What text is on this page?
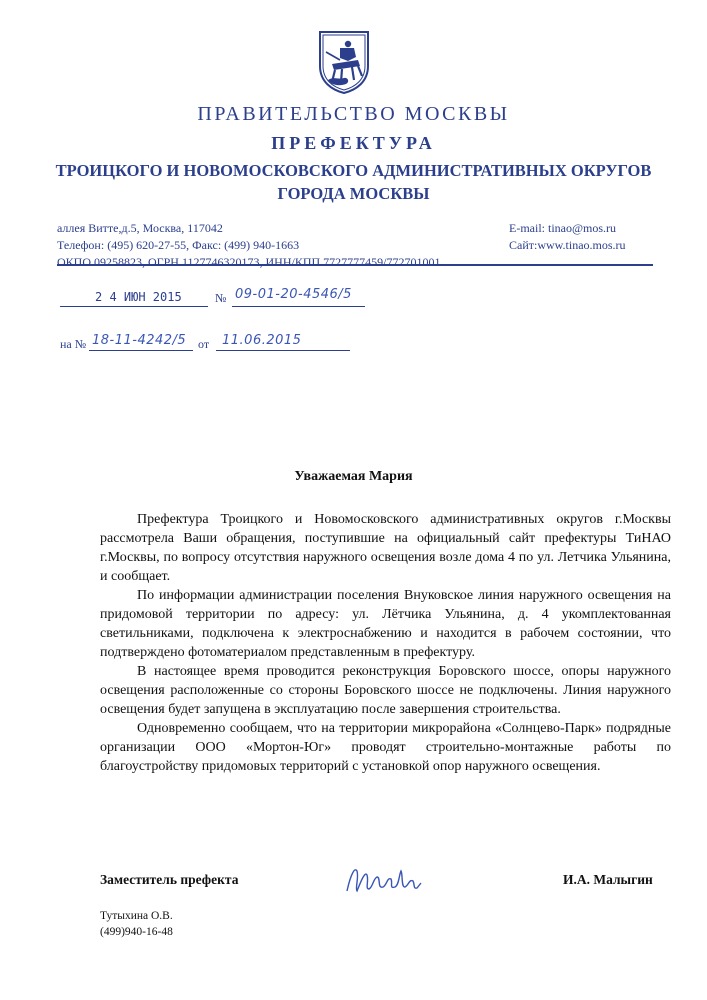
ПРАВИТЕЛЬСТВО МОСКВЫ
ПРЕФЕКТУРА
ТРОИЦКОГО И НОВОМОСКОВСКОГО АДМИНИСТРАТИВНЫХ ОКРУГОВ
ГОРОДА МОСКВЫ
аллея Витте,д.5, Москва, 117042
Телефон: (495) 620-27-55, Факс: (499) 940-1663
ОКПО 09258823, ОГРН 1127746320173, ИНН/КПП 7727777459/772701001
E-mail: tinao@mos.ru
Сайт:www.tinao.mos.ru
2 4 ИЮН 2015	№ 09-01-20-4546/5
на № 18-11-4242/5 от 11.06.2015
Уважаемая Мария

Префектура Троицкого и Новомосковского административных округов г.Москвы рассмотрела Ваши обращения, поступившие на официальный сайт префектуры ТиНАО г.Москвы, по вопросу отсутствия наружного освещения возле дома 4 по ул. Летчика Ульянина, и сообщает.

По информации администрации поселения Внуковское линия наружного освещения на придомовой территории по адресу: ул. Лётчика Ульянина, д. 4 укомплектованная светильниками, подключена к электроснабжению и находится в рабочем состоянии, что подтверждено фотоматериалом представленным в префектуру.

В настоящее время проводится реконструкция Боровского шоссе, опоры наружного освещения расположенные со стороны Боровского шоссе не подключены. Линия наружного освещения будет запущена в эксплуатацию после завершения строительства.

Одновременно сообщаем, что на территории микрорайона «Солнцево-Парк» подрядные организации ООО «Мортон-Юг» проводят строительно-монтажные работы по благоустройству придомовых территорий с установкой опор наружного освещения.

Заместитель префекта	И.А. Малыгин
Тутыхина О.В.
(499)940-16-48
